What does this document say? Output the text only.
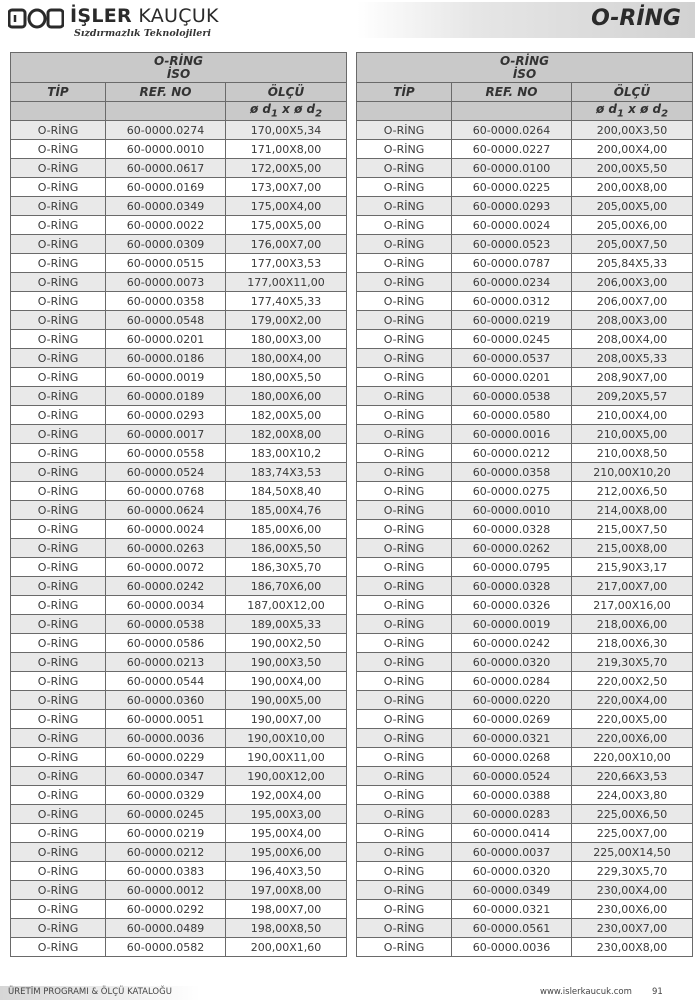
İŞLER KAUÇUK
Sızdırmazlık Teknolojileri
O-RİNG
O-RİNG
İSO		
TİP	REF. NO	ÖLÇÜ
		ø $d_1$ x ø $d_2$
O-RİNG	60-0000.0274	170,00X5,34
O-RİNG	60-0000.0010	171,00X8,00
O-RİNG	60-0000.0617	172,00X5,00
O-RİNG	60-0000.0169	173,00X7,00
O-RİNG	60-0000.0349	175,00X4,00
O-RİNG	60-0000.0022	175,00X5,00
O-RİNG	60-0000.0309	176,00X7,00
O-RİNG	60-0000.0515	177,00X3,53
O-RİNG	60-0000.0073	177,00X11,00
O-RİNG	60-0000.0358	177,40X5,33
O-RİNG	60-0000.0548	179,00X2,00
O-RİNG	60-0000.0201	180,00X3,00
O-RİNG	60-0000.0186	180,00X4,00
O-RİNG	60-0000.0019	180,00X5,50
O-RİNG	60-0000.0189	180,00X6,00
O-RİNG	60-0000.0293	182,00X5,00
O-RİNG	60-0000.0017	182,00X8,00
O-RİNG	60-0000.0558	183,00X10,2
O-RİNG	60-0000.0524	183,74X3,53
O-RİNG	60-0000.0768	184,50X8,40
O-RİNG	60-0000.0624	185,00X4,76
O-RİNG	60-0000.0024	185,00X6,00
O-RİNG	60-0000.0263	186,00X5,50
O-RİNG	60-0000.0072	186,30X5,70
O-RİNG	60-0000.0242	186,70X6,00
O-RİNG	60-0000.0034	187,00X12,00
O-RİNG	60-0000.0538	189,00X5,33
O-RİNG	60-0000.0586	190,00X2,50
O-RİNG	60-0000.0213	190,00X3,50
O-RİNG	60-0000.0544	190,00X4,00
O-RİNG	60-0000.0360	190,00X5,00
O-RİNG	60-0000.0051	190,00X7,00
O-RİNG	60-0000.0036	190,00X10,00
O-RİNG	60-0000.0229	190,00X11,00
O-RİNG	60-0000.0347	190,00X12,00
O-RİNG	60-0000.0329	192,00X4,00
O-RİNG	60-0000.0245	195,00X3,00
O-RİNG	60-0000.0219	195,00X4,00
O-RİNG	60-0000.0212	195,00X6,00
O-RİNG	60-0000.0383	196,40X3,50
O-RİNG	60-0000.0012	197,00X8,00
O-RİNG	60-0000.0292	198,00X7,00
O-RİNG	60-0000.0489	198,00X8,50
O-RİNG	60-0000.0582	200,00X1,60
O-RİNG
İSO		
TİP	REF. NO	ÖLÇÜ
		ø $d_1$ x ø $d_2$
O-RİNG	60-0000.0264	200,00X3,50
O-RİNG	60-0000.0227	200,00X4,00
O-RİNG	60-0000.0100	200,00X5,50
O-RİNG	60-0000.0225	200,00X8,00
O-RİNG	60-0000.0293	205,00X5,00
O-RİNG	60-0000.0024	205,00X6,00
O-RİNG	60-0000.0523	205,00X7,50
O-RİNG	60-0000.0787	205,84X5,33
O-RİNG	60-0000.0234	206,00X3,00
O-RİNG	60-0000.0312	206,00X7,00
O-RİNG	60-0000.0219	208,00X3,00
O-RİNG	60-0000.0245	208,00X4,00
O-RİNG	60-0000.0537	208,00X5,33
O-RİNG	60-0000.0201	208,90X7,00
O-RİNG	60-0000.0538	209,20X5,57
O-RİNG	60-0000.0580	210,00X4,00
O-RİNG	60-0000.0016	210,00X5,00
O-RİNG	60-0000.0212	210,00X8,50
O-RİNG	60-0000.0358	210,00X10,20
O-RİNG	60-0000.0275	212,00X6,50
O-RİNG	60-0000.0010	214,00X8,00
O-RİNG	60-0000.0328	215,00X7,50
O-RİNG	60-0000.0262	215,00X8,00
O-RİNG	60-0000.0795	215,90X3,17
O-RİNG	60-0000.0328	217,00X7,00
O-RİNG	60-0000.0326	217,00X16,00
O-RİNG	60-0000.0019	218,00X6,00
O-RİNG	60-0000.0242	218,00X6,30
O-RİNG	60-0000.0320	219,30X5,70
O-RİNG	60-0000.0284	220,00X2,50
O-RİNG	60-0000.0220	220,00X4,00
O-RİNG	60-0000.0269	220,00X5,00
O-RİNG	60-0000.0321	220,00X6,00
O-RİNG	60-0000.0268	220,00X10,00
O-RİNG	60-0000.0524	220,66X3,53
O-RİNG	60-0000.0388	224,00X3,80
O-RİNG	60-0000.0283	225,00X6,50
O-RİNG	60-0000.0414	225,00X7,00
O-RİNG	60-0000.0037	225,00X14,50
O-RİNG	60-0000.0320	229,30X5,70
O-RİNG	60-0000.0349	230,00X4,00
O-RİNG	60-0000.0321	230,00X6,00
O-RİNG	60-0000.0561	230,00X7,00
O-RİNG	60-0000.0036	230,00X8,00
ÜRETİM PROGRAMI & ÖLÇÜ KATALOĞU	www.islerkaucuk.com 91
